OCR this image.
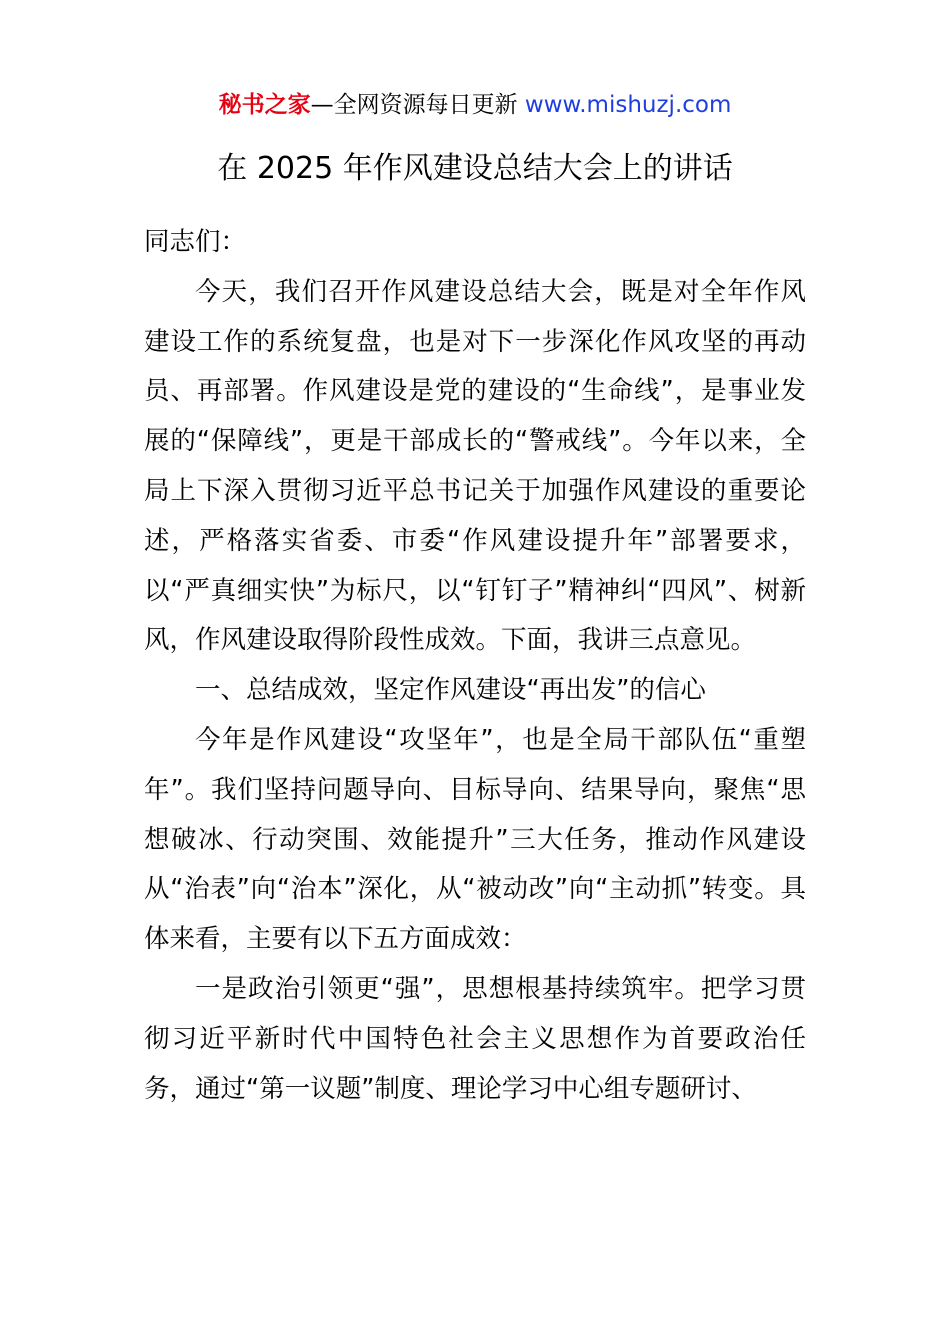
秘书之家—全网资源每日更新 www.mishuzj.com
在 2025 年作风建设总结大会上的讲话

同志们：

今天，我们召开作风建设总结大会，既是对全年作风建设工作的系统复盘，也是对下一步深化作风攻坚的再动员、再部署。作风建设是党的建设的“生命线”，是事业发展的“保障线”，更是干部成长的“警戒线”。今年以来，全局上下深入贯彻习近平总书记关于加强作风建设的重要论述，严格落实省委、市委“作风建设提升年”部署要求，以“严真细实快”为标尺，以“钉钉子”精神纠“四风”、树新风，作风建设取得阶段性成效。下面，我讲三点意见。

一、总结成效，坚定作风建设“再出发”的信心

今年是作风建设“攻坚年”，也是全局干部队伍“重塑年”。我们坚持问题导向、目标导向、结果导向，聚焦“思想破冰、行动突围、效能提升”三大任务，推动作风建设从“治表”向“治本”深化，从“被动改”向“主动抓”转变。具体来看，主要有以下五方面成效：

一是政治引领更“强”，思想根基持续筑牢。把学习贯彻习近平新时代中国特色社会主义思想作为首要政治任务，通过“第一议题”制度、理论学习中心组专题研讨、
